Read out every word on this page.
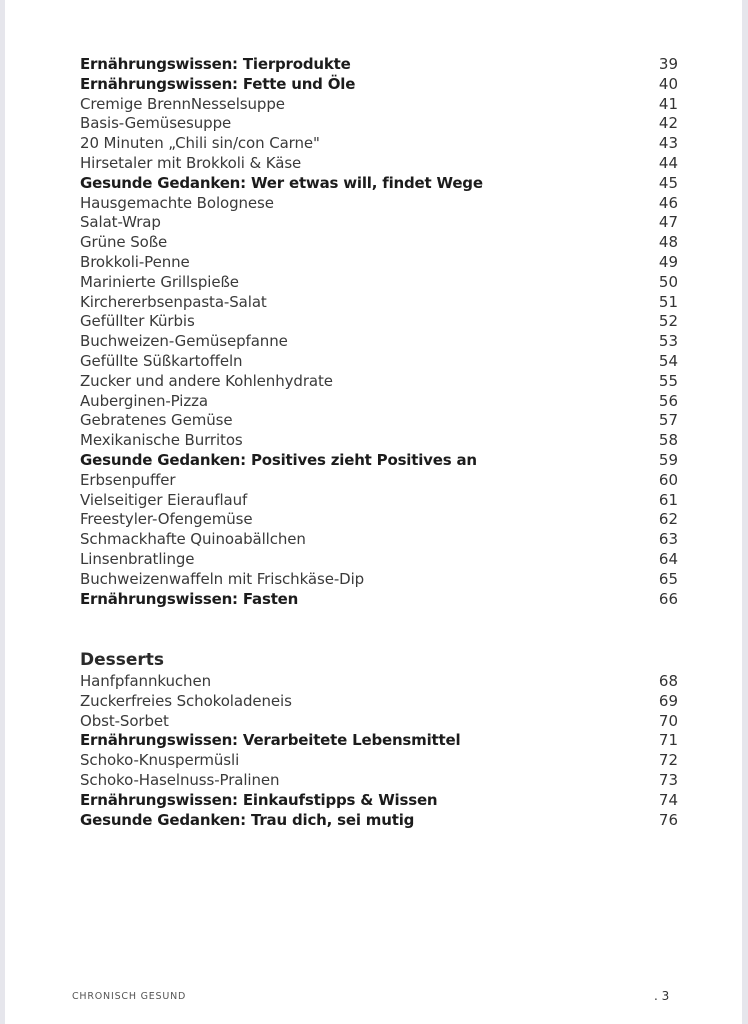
Ernährungswissen: Tierprodukte	39
Ernährungswissen: Fette und Öle	40
Cremige BrennNesselsuppe	41
Basis-Gemüsesuppe	42
20 Minuten „Chili sin/con Carne"	43
Hirsetaler mit Brokkoli & Käse	44
Gesunde Gedanken: Wer etwas will, findet Wege	45
Hausgemachte Bolognese	46
Salat-Wrap	47
Grüne Soße	48
Brokkoli-Penne	49
Marinierte Grillspieße	50
Kirchererbsenpasta-Salat	51
Gefüllter Kürbis	52
Buchweizen-Gemüsepfanne	53
Gefüllte Süßkartoffeln	54
Zucker und andere Kohlenhydrate	55
Auberginen-Pizza	56
Gebratenes Gemüse	57
Mexikanische Burritos	58
Gesunde Gedanken: Positives zieht Positives an	59
Erbsenpuffer	60
Vielseitiger Eierauflauf	61
Freestyler-Ofengemüse	62
Schmackhafte Quinoabällchen	63
Linsenbratlinge	64
Buchweizenwaffeln mit Frischkäse-Dip	65
Ernährungswissen: Fasten	66
Desserts
Hanfpfannkuchen	68
Zuckerfreies Schokoladeneis	69
Obst-Sorbet	70
Ernährungswissen: Verarbeitete Lebensmittel	71
Schoko-Knuspermüsli	72
Schoko-Haselnuss-Pralinen	73
Ernährungswissen: Einkaufstipps & Wissen	74
Gesunde Gedanken: Trau dich, sei mutig	76
CHRONISCH GESUND	. 3
